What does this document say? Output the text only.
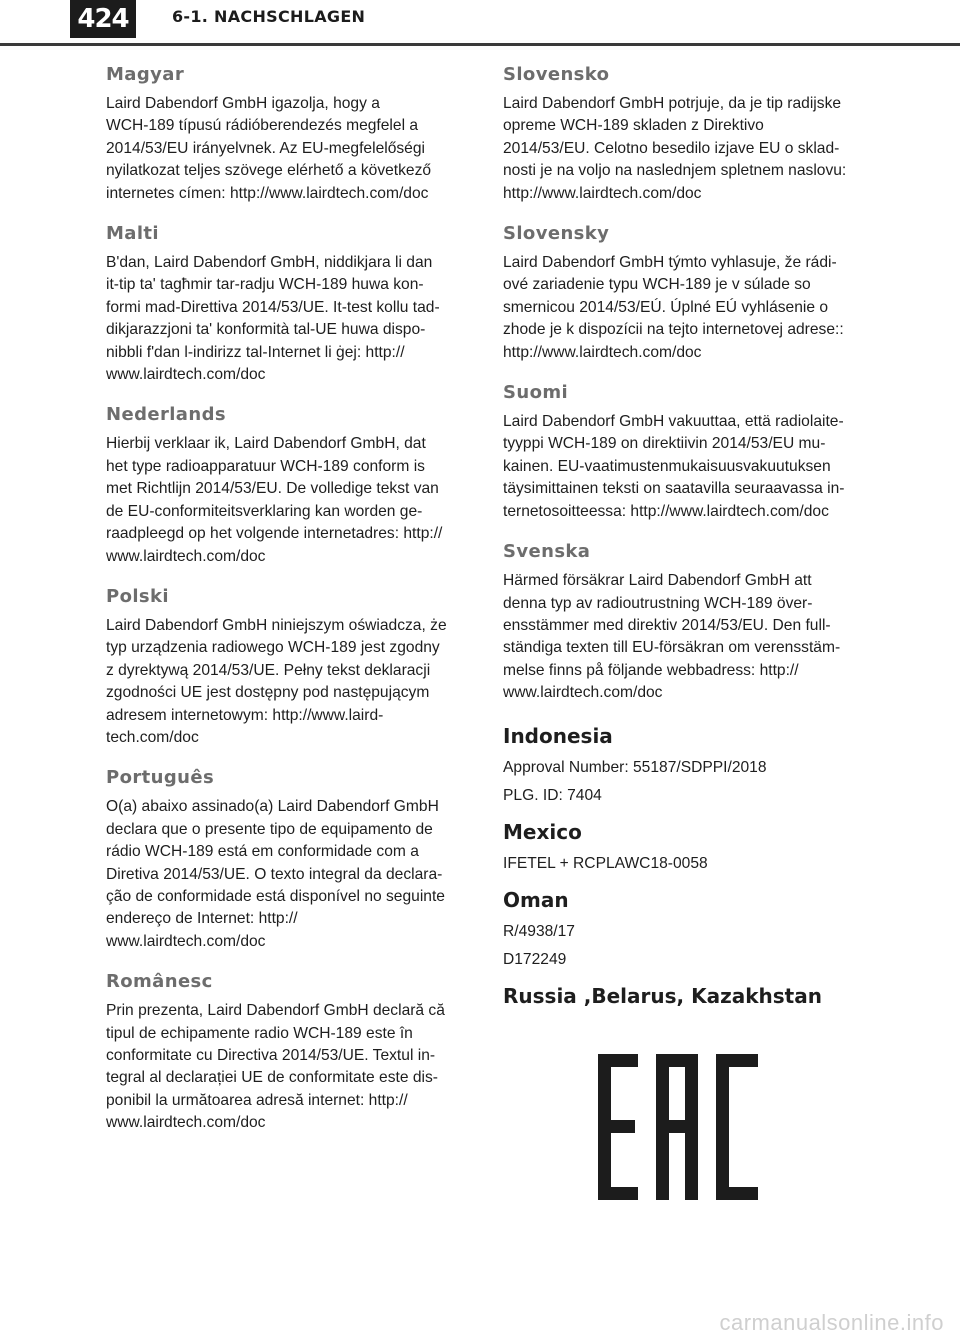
424	6-1. NACHSCHLAGEN
Magyar

Laird Dabendorf GmbH igazolja, hogy a
WCH-189 típusú rádióberendezés megfelel a
2014/53/EU irányelvnek. Az EU-megfelelőségi
nyilatkozat teljes szövege elérhető a következő
internetes címen: http://www.lairdtech.com/doc

Malti

B'dan, Laird Dabendorf GmbH, niddikjara li dan
it-tip ta' tagħmir tar-radju WCH-189 huwa kon-
formi mad-Direttiva 2014/53/UE. It-test kollu tad-
dikjarazzjoni ta' konformità tal-UE huwa dispo-
nibbli f'dan l-indirizz tal-Internet li ġej: http://
www.lairdtech.com/doc

Nederlands

Hierbij verklaar ik, Laird Dabendorf GmbH, dat
het type radioapparatuur WCH-189 conform is
met Richtlijn 2014/53/EU. De volledige tekst van
de EU-conformiteitsverklaring kan worden ge-
raadpleegd op het volgende internetadres: http://
www.lairdtech.com/doc

Polski

Laird Dabendorf GmbH niniejszym oświadcza, że
typ urządzenia radiowego WCH-189 jest zgodny
z dyrektywą 2014/53/UE. Pełny tekst deklaracji
zgodności UE jest dostępny pod następującym
adresem internetowym: http://www.laird-
tech.com/doc

Português

O(a) abaixo assinado(a) Laird Dabendorf GmbH
declara que o presente tipo de equipamento de
rádio WCH-189 está em conformidade com a
Diretiva 2014/53/UE. O texto integral da declara-
ção de conformidade está disponível no seguinte
endereço de Internet: http://
www.lairdtech.com/doc

Românesc

Prin prezenta, Laird Dabendorf GmbH declară că
tipul de echipamente radio WCH-189 este în
conformitate cu Directiva 2014/53/UE. Textul in-
tegral al declarației UE de conformitate este dis-
ponibil la următoarea adresă internet: http://
www.lairdtech.com/doc

Slovensko

Laird Dabendorf GmbH potrjuje, da je tip radijske
opreme WCH-189 skladen z Direktivo
2014/53/EU. Celotno besedilo izjave EU o sklad-
nosti je na voljo na naslednjem spletnem naslovu:
http://www.lairdtech.com/doc

Slovensky

Laird Dabendorf GmbH týmto vyhlasuje, že rádi-
ové zariadenie typu WCH-189 je v súlade so
smernicou 2014/53/EÚ. Úplné EÚ vyhlásenie o
zhode je k dispozícii na tejto internetovej adrese::
http://www.lairdtech.com/doc

Suomi

Laird Dabendorf GmbH vakuuttaa, että radiolaite-
tyyppi WCH-189 on direktiivin 2014/53/EU mu-
kainen. EU-vaatimustenmukaisuusvakuutuksen
täysimittainen teksti on saatavilla seuraavassa in-
ternetosoitteessa: http://www.lairdtech.com/doc

Svenska

Härmed försäkrar Laird Dabendorf GmbH att
denna typ av radioutrustning WCH-189 över-
ensstämmer med direktiv 2014/53/EU. Den full-
ständiga texten till EU-försäkran om verensstäm-
melse finns på följande webbadress: http://
www.lairdtech.com/doc

Indonesia

Approval Number: 55187/SDPPI/2018

PLG. ID: 7404

Mexico

IFETEL + RCPLAWC18-0058

Oman

R/4938/17

D172249

Russia ,Belarus, Kazakhstan
carmanualsonline.info
